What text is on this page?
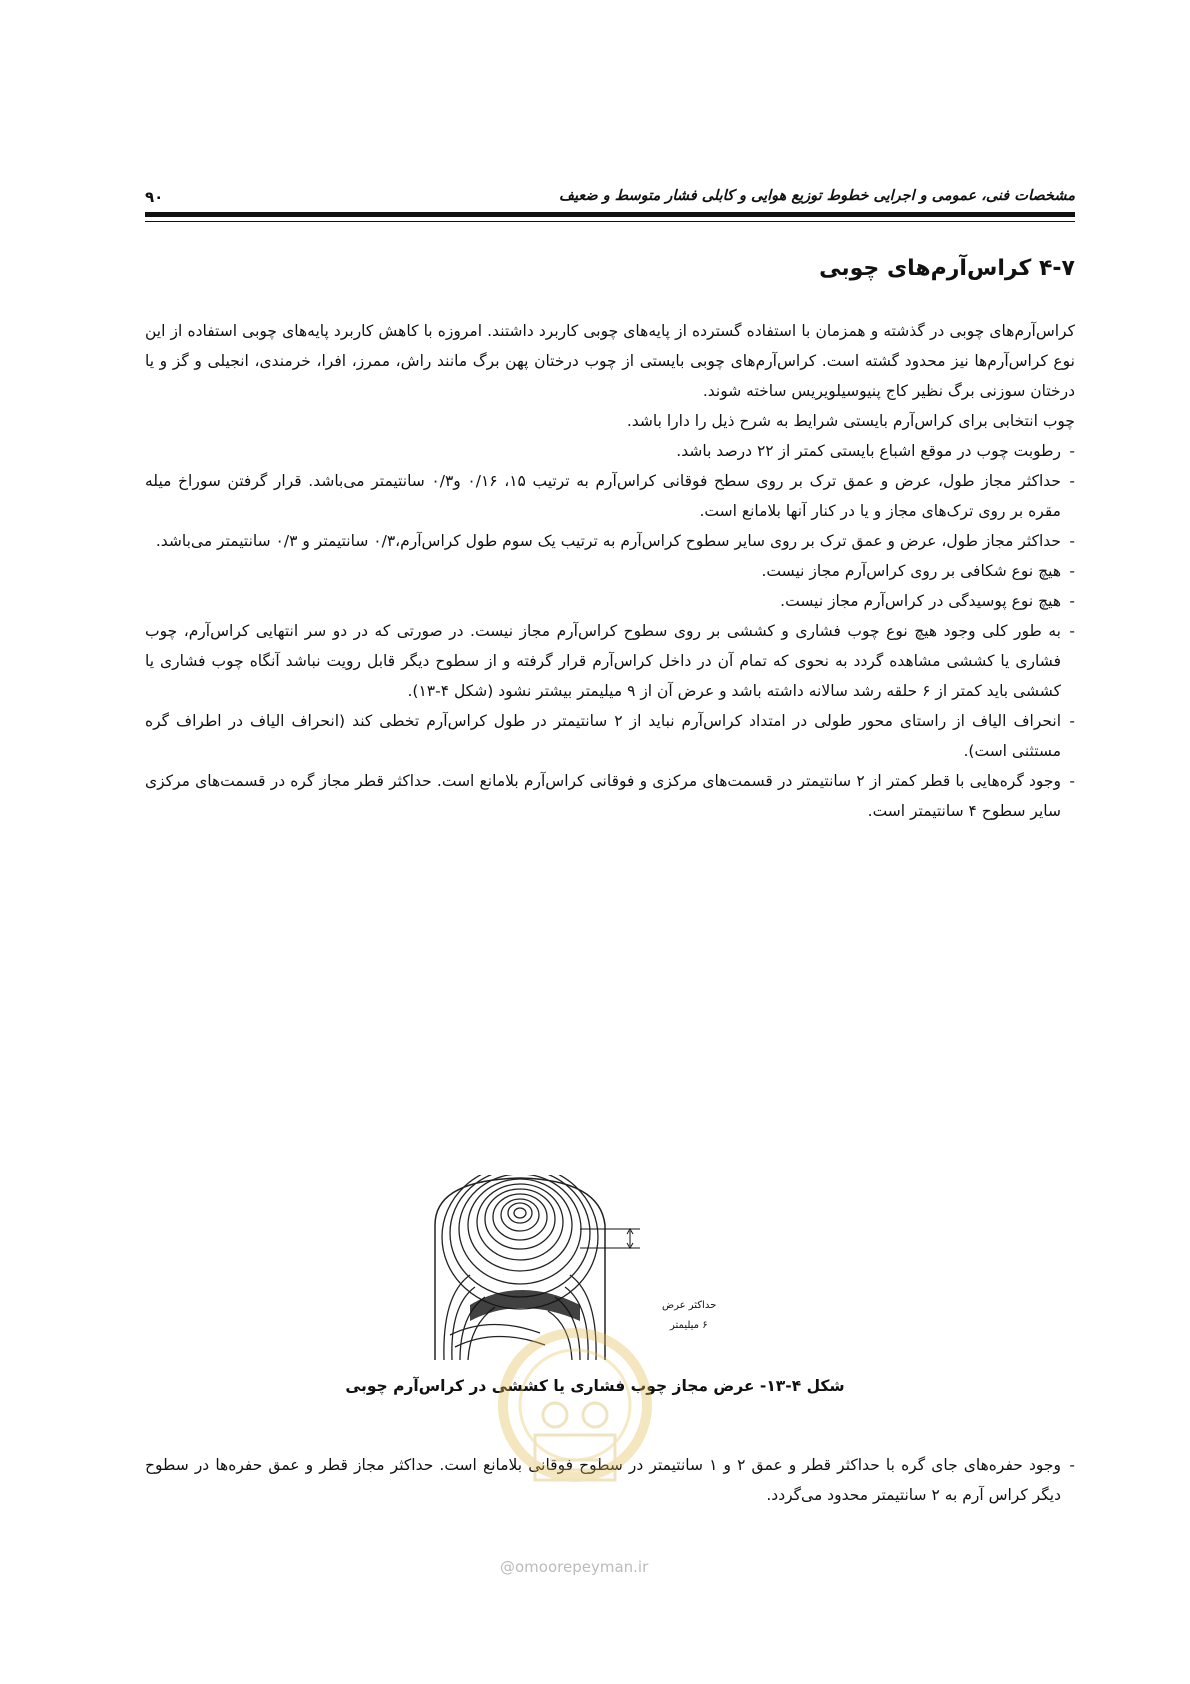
مشخصات فنی، عمومی و اجرایی خطوط توزیع هوایی و کابلی فشار متوسط و ضعیف
۹۰
۴-۷ کراس‌آرم‌های چوبی

کراس‌آرم‌های چوبی در گذشته و همزمان با استفاده گسترده از پایه‌های چوبی کاربرد داشتند. امروزه با کاهش کاربرد پایه‌های چوبی استفاده از این نوع کراس‌آرم‌ها نیز محدود گشته است. کراس‌آرم‌های چوبی بایستی از چوب درختان پهن برگ مانند راش، ممرز، افرا، خرمندی، انجیلی و گز و یا درختان سوزنی برگ نظیر کاج پنیوسیلویریس ساخته شوند.

چوب انتخابی برای کراس‌آرم بایستی شرایط به شرح ذیل را دارا باشد.

- رطوبت چوب در موقع اشباع بایستی کمتر از ۲۲ درصد باشد.
- حداکثر مجاز طول، عرض و عمق ترک بر روی سطح فوقانی کراس‌آرم به ترتیب ۱۵، ۰/۱۶ و۰/۳ سانتیمتر می‌باشد. قرار گرفتن سوراخ میله مقره بر روی ترک‌های مجاز و یا در کنار آنها بلامانع است.
- حداکثر مجاز طول، عرض و عمق ترک بر روی سایر سطوح کراس‌آرم به ترتیب یک سوم طول کراس‌آرم،۰/۳ سانتیمتر و ۰/۳ سانتیمتر می‌باشد.
- هیچ نوع شکافی بر روی کراس‌آرم مجاز نیست.
- هیچ نوع پوسیدگی در کراس‌آرم مجاز نیست.
- به طور کلی وجود هیچ نوع چوب فشاری و کششی بر روی سطوح کراس‌آرم مجاز نیست. در صورتی که در دو سر انتهایی کراس‌آرم، چوب فشاری یا کششی مشاهده گردد به نحوی که تمام آن در داخل کراس‌آرم قرار گرفته و از سطوح دیگر قابل رویت نباشد آنگاه چوب فشاری یا کششی باید کمتر از ۶ حلقه رشد سالانه داشته باشد و عرض آن از ۹ میلیمتر بیشتر نشود (شکل ۴-۱۳).
- انحراف الیاف از راستای محور طولی در امتداد کراس‌آرم نباید از ۲ سانتیمتر در طول کراس‌آرم تخطی کند (انحراف الیاف در اطراف گره مستثنی است).
- وجود گره‌هایی با قطر کمتر از ۲ سانتیمتر در قسمت‌های مرکزی و فوقانی کراس‌آرم بلامانع است. حداکثر قطر مجاز گره در قسمت‌های مرکزی سایر سطوح ۴ سانتیمتر است.
حداکثر عرض
۶ میلیمتر
شکل ۴-۱۳- عرض مجاز چوب فشاری یا کششی در کراس‌آرم چوبی
- وجود حفره‌های جای گره با حداکثر قطر و عمق ۲ و ۱ سانتیمتر در سطوح فوقانی بلامانع است. حداکثر مجاز قطر و عمق حفره‌ها در سطوح دیگر کراس آرم به ۲ سانتیمتر محدود می‌گردد.
@omoorepeyman.ir
